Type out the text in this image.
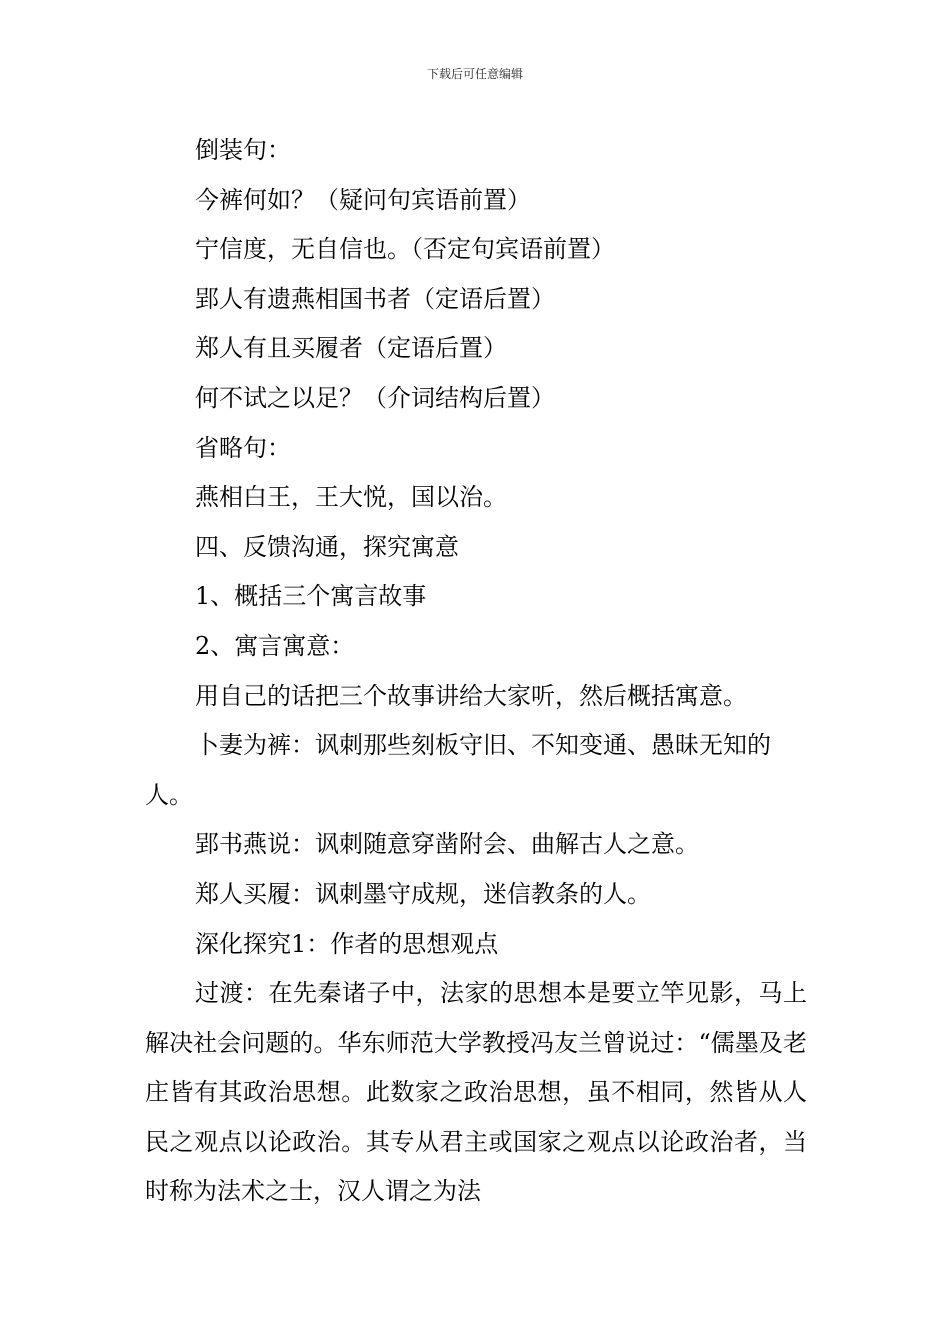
下载后可任意编辑

倒装句：

今裤何如？（疑问句宾语前置）

宁信度，无自信也。（否定句宾语前置）

郢人有遗燕相国书者（定语后置）

郑人有且买履者（定语后置）

何不试之以足？（介词结构后置）

省略句：

燕相白王，王大悦，国以治。

四、反馈沟通，探究寓意

1、概括三个寓言故事

2、寓言寓意：

用自己的话把三个故事讲给大家听，然后概括寓意。

卜妻为裤：讽刺那些刻板守旧、不知变通、愚昧无知的人。

郢书燕说：讽刺随意穿凿附会、曲解古人之意。

郑人买履：讽刺墨守成规，迷信教条的人。

深化探究1：作者的思想观点

过渡：在先秦诸子中，法家的思想本是要立竿见影，马上解决社会问题的。华东师范大学教授冯友兰曾说过：“儒墨及老庄皆有其政治思想。此数家之政治思想，虽不相同，然皆从人民之观点以论政治。其专从君主或国家之观点以论政治者，当时称为法术之士，汉人谓之为法
